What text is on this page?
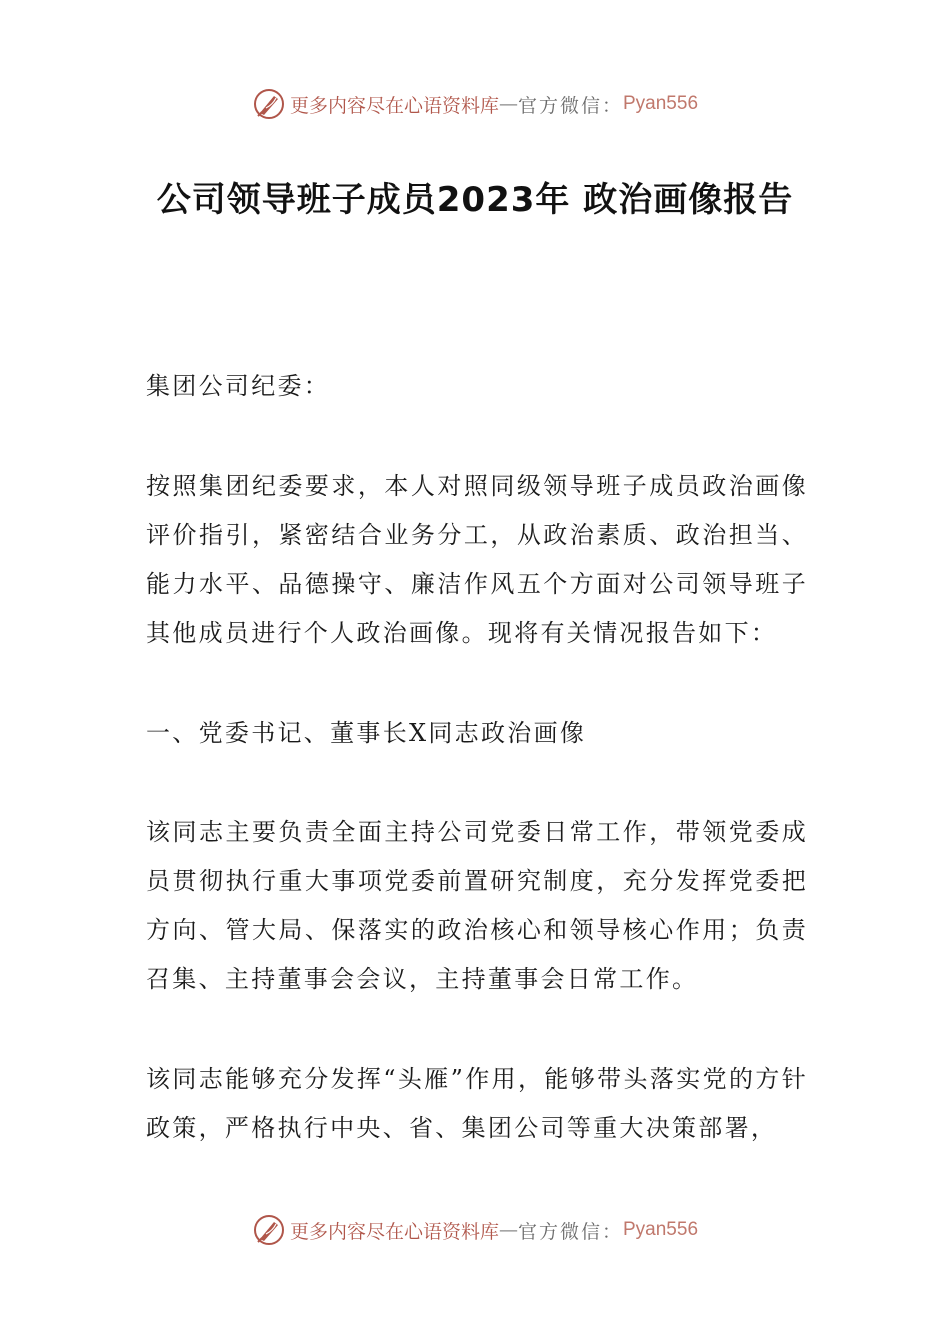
更多内容尽在心语资料库 — 官方微信： Pyan556
公司领导班子成员2023年 政治画像报告

集团公司纪委：

按照集团纪委要求，本人对照同级领导班子成员政治画像评价指引，紧密结合业务分工，从政治素质、政治担当、能力水平、品德操守、廉洁作风五个方面对公司领导班子其他成员进行个人政治画像。现将有关情况报告如下：

一、党委书记、董事长X同志政治画像

该同志主要负责全面主持公司党委日常工作，带领党委成员贯彻执行重大事项党委前置研究制度，充分发挥党委把方向、管大局、保落实的政治核心和领导核心作用；负责召集、主持董事会会议，主持董事会日常工作。

该同志能够充分发挥“头雁”作用，能够带头落实党的方针政策，严格执行中央、省、集团公司等重大决策部署，

更多内容尽在心语资料库 — 官方微信： Pyan556
